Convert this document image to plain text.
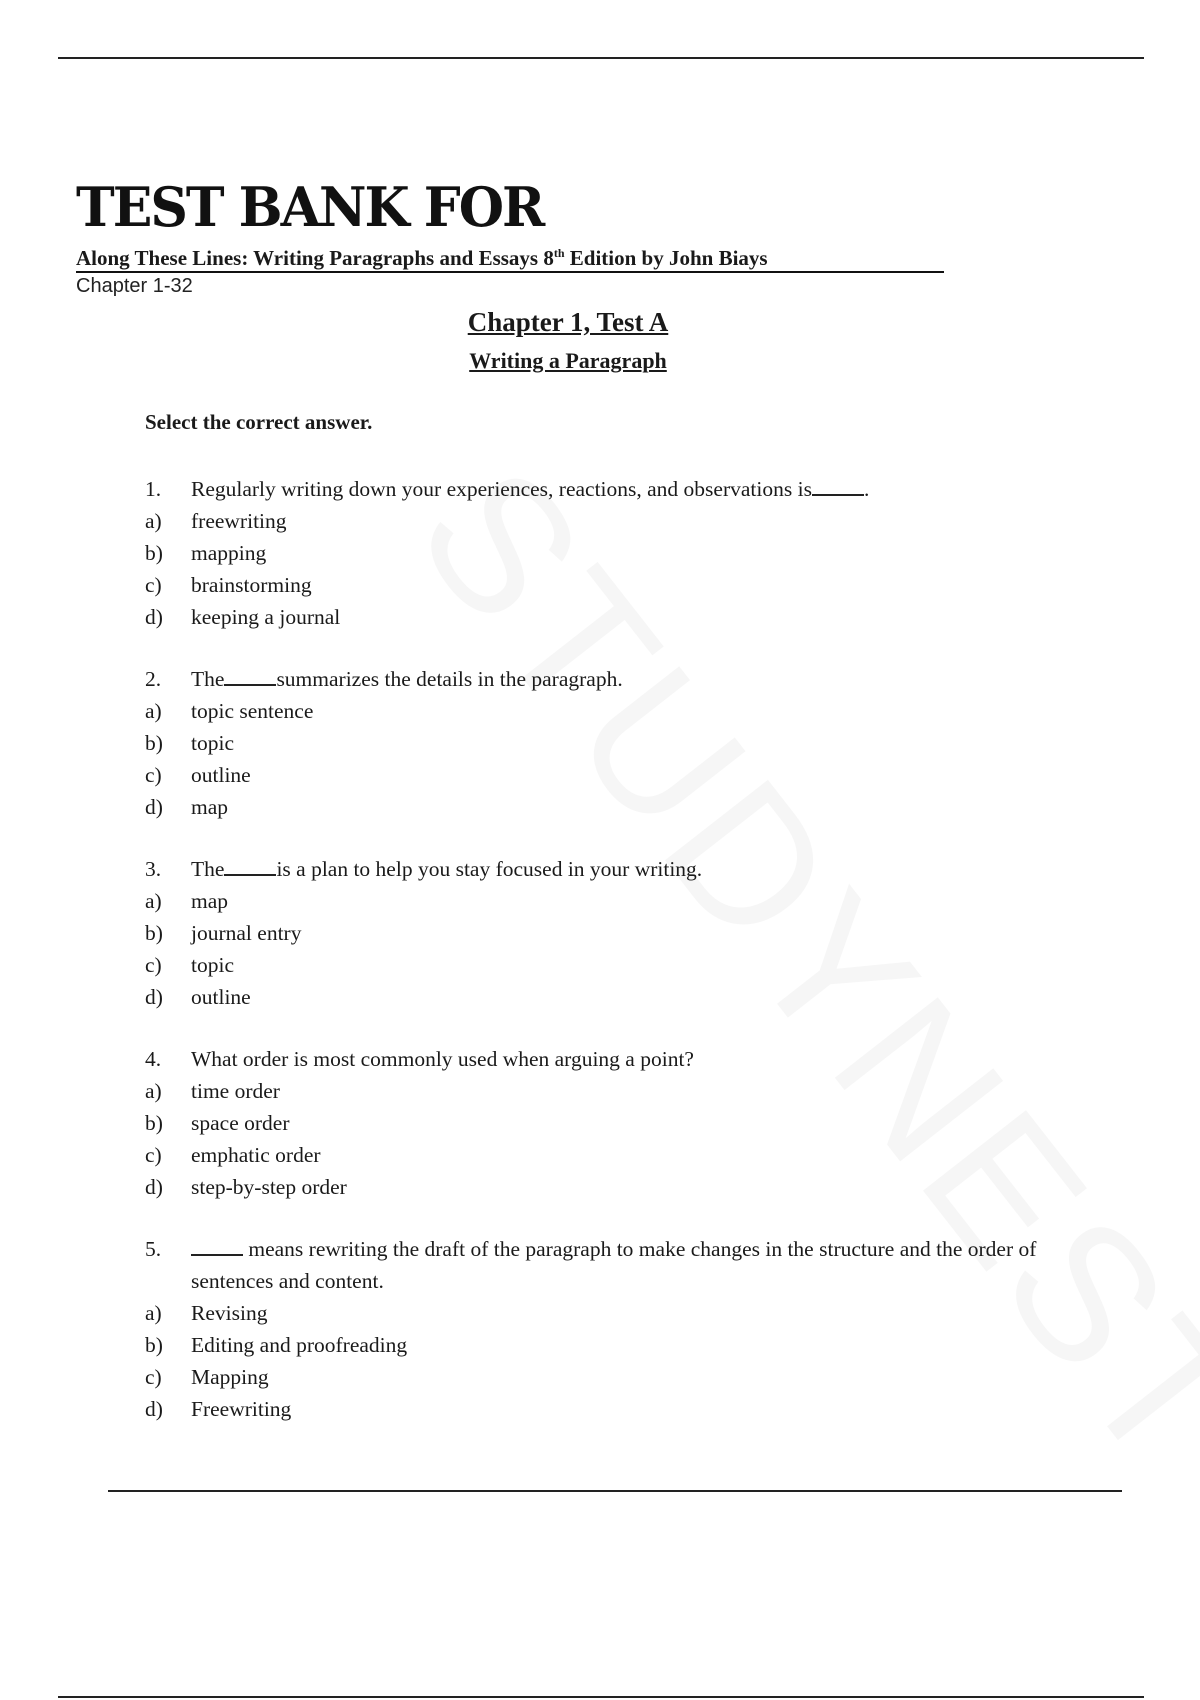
TEST BANK FOR

Along These Lines: Writing Paragraphs and Essays 8th Edition by John Biays

Chapter 1-32

Chapter 1, Test A
Writing a Paragraph

Select the correct answer.

1.	Regularly writing down your experiences, reactions, and observations is .
a)	freewriting
b)	mapping
c)	brainstorming
d)	keeping a journal
2.	The summarizes the details in the paragraph.
a)	topic sentence
b)	topic
c)	outline
d)	map
3.	The is a plan to help you stay focused in your writing.
a)	map
b)	journal entry
c)	topic
d)	outline
4.	What order is most commonly used when arguing a point?
a)	time order
b)	space order
c)	emphatic order
d)	step-by-step order
5.	means rewriting the draft of the paragraph to make changes in the structure and the order of sentences and content.
a)	Revising
b)	Editing and proofreading
c)	Mapping
d)	Freewriting
